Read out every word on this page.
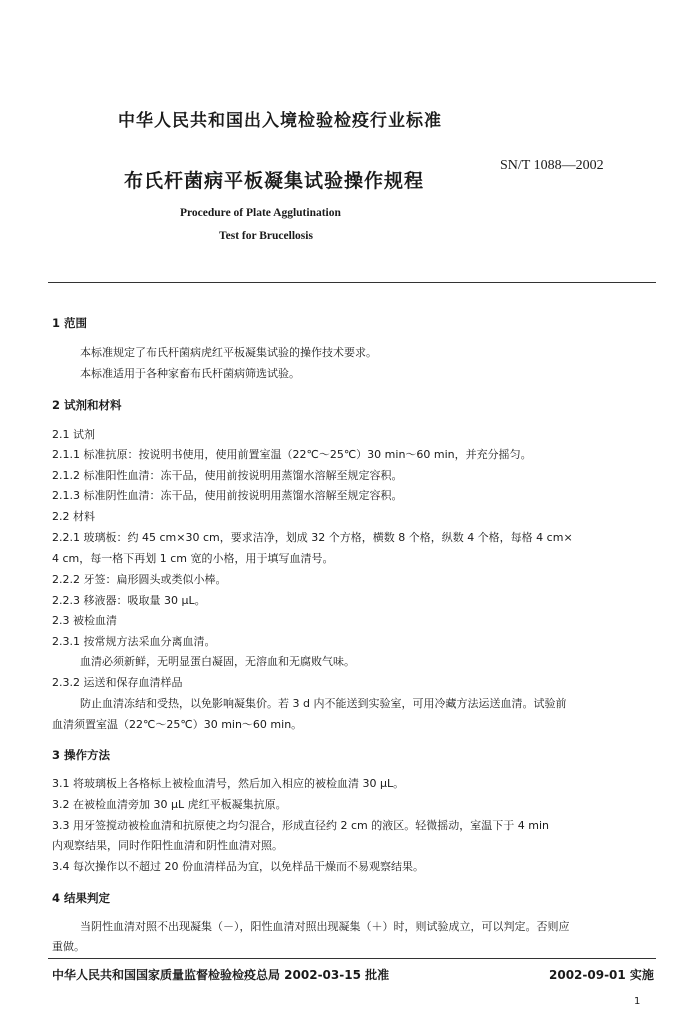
中华人民共和国出入境检验检疫行业标准
SN/T 1088—2002
布氏杆菌病平板凝集试验操作规程
Procedure of Plate Agglutination
Test for Brucellosis
1 范围
本标准规定了布氏杆菌病虎红平板凝集试验的操作技术要求。
本标准适用于各种家畜布氏杆菌病筛选试验。
2 试剂和材料
2.1 试剂
2.1.1 标准抗原：按说明书使用，使用前置室温（22℃～25℃）30 min～60 min，并充分摇匀。
2.1.2 标准阳性血清：冻干品，使用前按说明用蒸馏水溶解至规定容积。
2.1.3 标准阴性血清：冻干品，使用前按说明用蒸馏水溶解至规定容积。
2.2 材料
2.2.1 玻璃板：约 45 cm×30 cm，要求洁净，划成 32 个方格，横数 8 个格，纵数 4 个格，每格 4 cm×
4 cm，每一格下再划 1 cm 宽的小格，用于填写血清号。
2.2.2 牙签：扁形圆头或类似小棒。
2.2.3 移液器：吸取量 30 μL。
2.3 被检血清
2.3.1 按常规方法采血分离血清。
血清必须新鲜，无明显蛋白凝固，无溶血和无腐败气味。
2.3.2 运送和保存血清样品
防止血清冻结和受热，以免影响凝集价。若 3 d 内不能送到实验室，可用冷藏方法运送血清。试验前
血清须置室温（22℃～25℃）30 min～60 min。
3 操作方法
3.1 将玻璃板上各格标上被检血清号，然后加入相应的被检血清 30 μL。
3.2 在被检血清旁加 30 μL 虎红平板凝集抗原。
3.3 用牙签搅动被检血清和抗原使之均匀混合，形成直径约 2 cm 的液区。轻微摇动，室温下于 4 min
内观察结果，同时作阳性血清和阴性血清对照。
3.4 每次操作以不超过 20 份血清样品为宜，以免样品干燥而不易观察结果。
4 结果判定
当阴性血清对照不出现凝集（－），阳性血清对照出现凝集（＋）时，则试验成立，可以判定。否则应
重做。
中华人民共和国国家质量监督检验检疫总局 2002-03-15 批准	2002-09-01 实施
1
